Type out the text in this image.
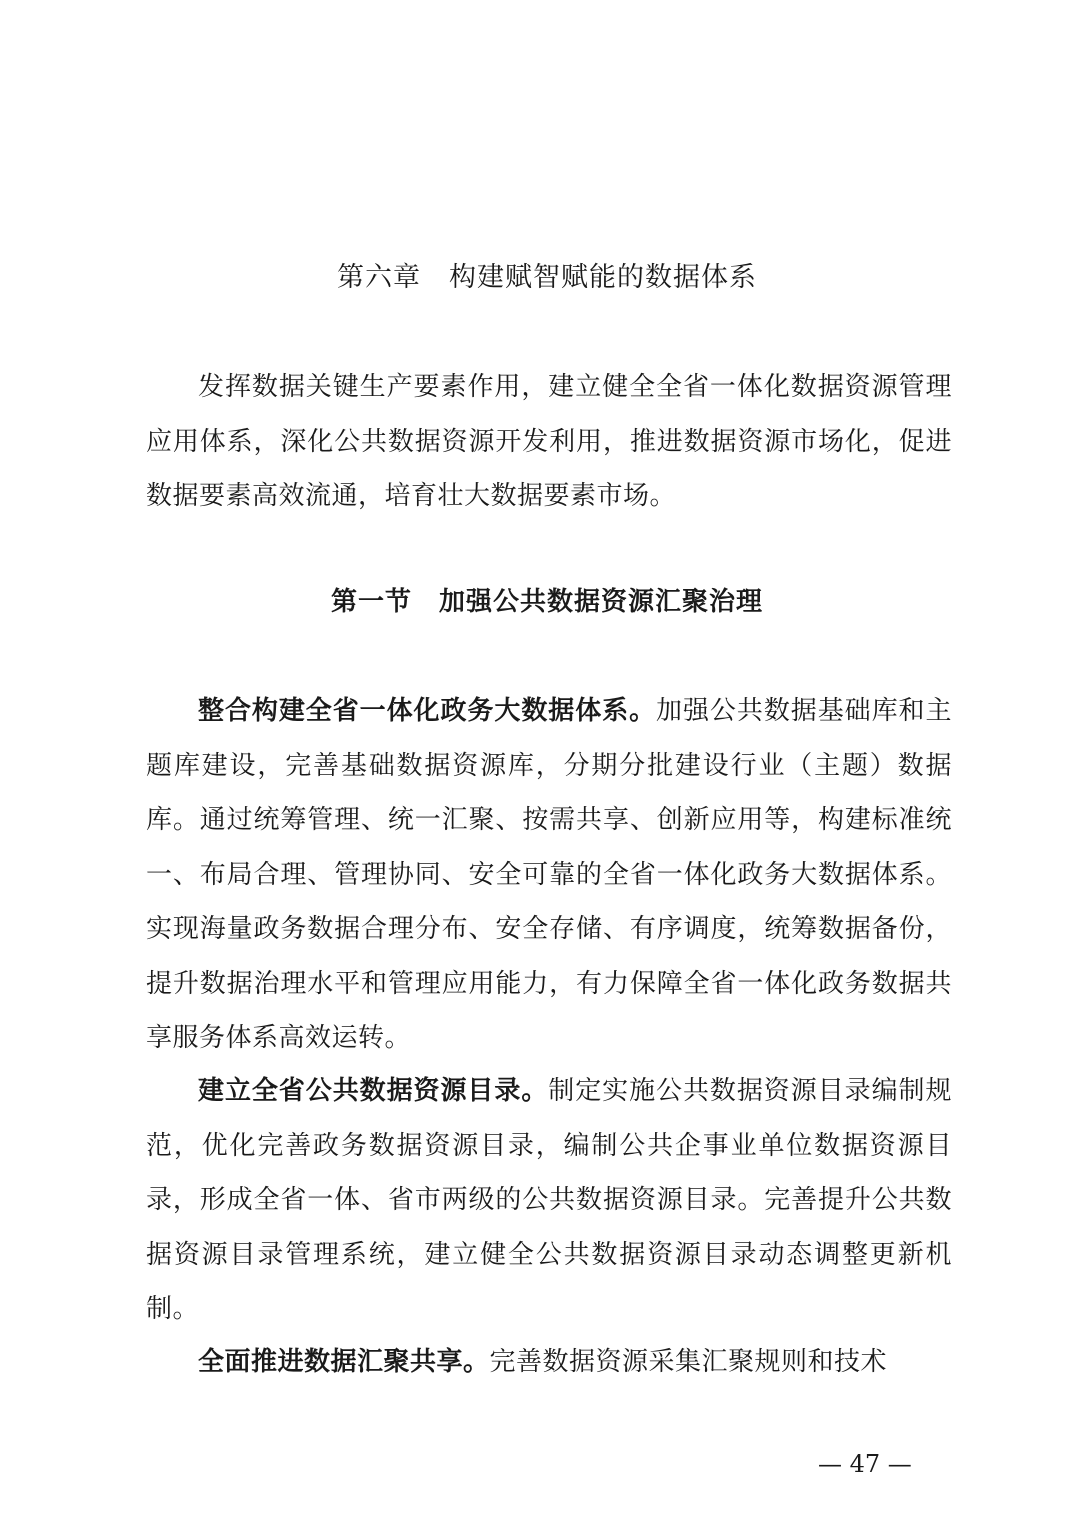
第六章　构建赋智赋能的数据体系

发挥数据关键生产要素作用，建立健全全省一体化数据资源管理应用体系，深化公共数据资源开发利用，推进数据资源市场化，促进数据要素高效流通，培育壮大数据要素市场。

第一节　加强公共数据资源汇聚治理

整合构建全省一体化政务大数据体系。加强公共数据基础库和主题库建设，完善基础数据资源库，分期分批建设行业（主题）数据库。通过统筹管理、统一汇聚、按需共享、创新应用等，构建标准统一、布局合理、管理协同、安全可靠的全省一体化政务大数据体系。实现海量政务数据合理分布、安全存储、有序调度，统筹数据备份，提升数据治理水平和管理应用能力，有力保障全省一体化政务数据共享服务体系高效运转。

建立全省公共数据资源目录。制定实施公共数据资源目录编制规范，优化完善政务数据资源目录，编制公共企事业单位数据资源目录，形成全省一体、省市两级的公共数据资源目录。完善提升公共数据资源目录管理系统，建立健全公共数据资源目录动态调整更新机制。

全面推进数据汇聚共享。完善数据资源采集汇聚规则和技术

— 47 —
